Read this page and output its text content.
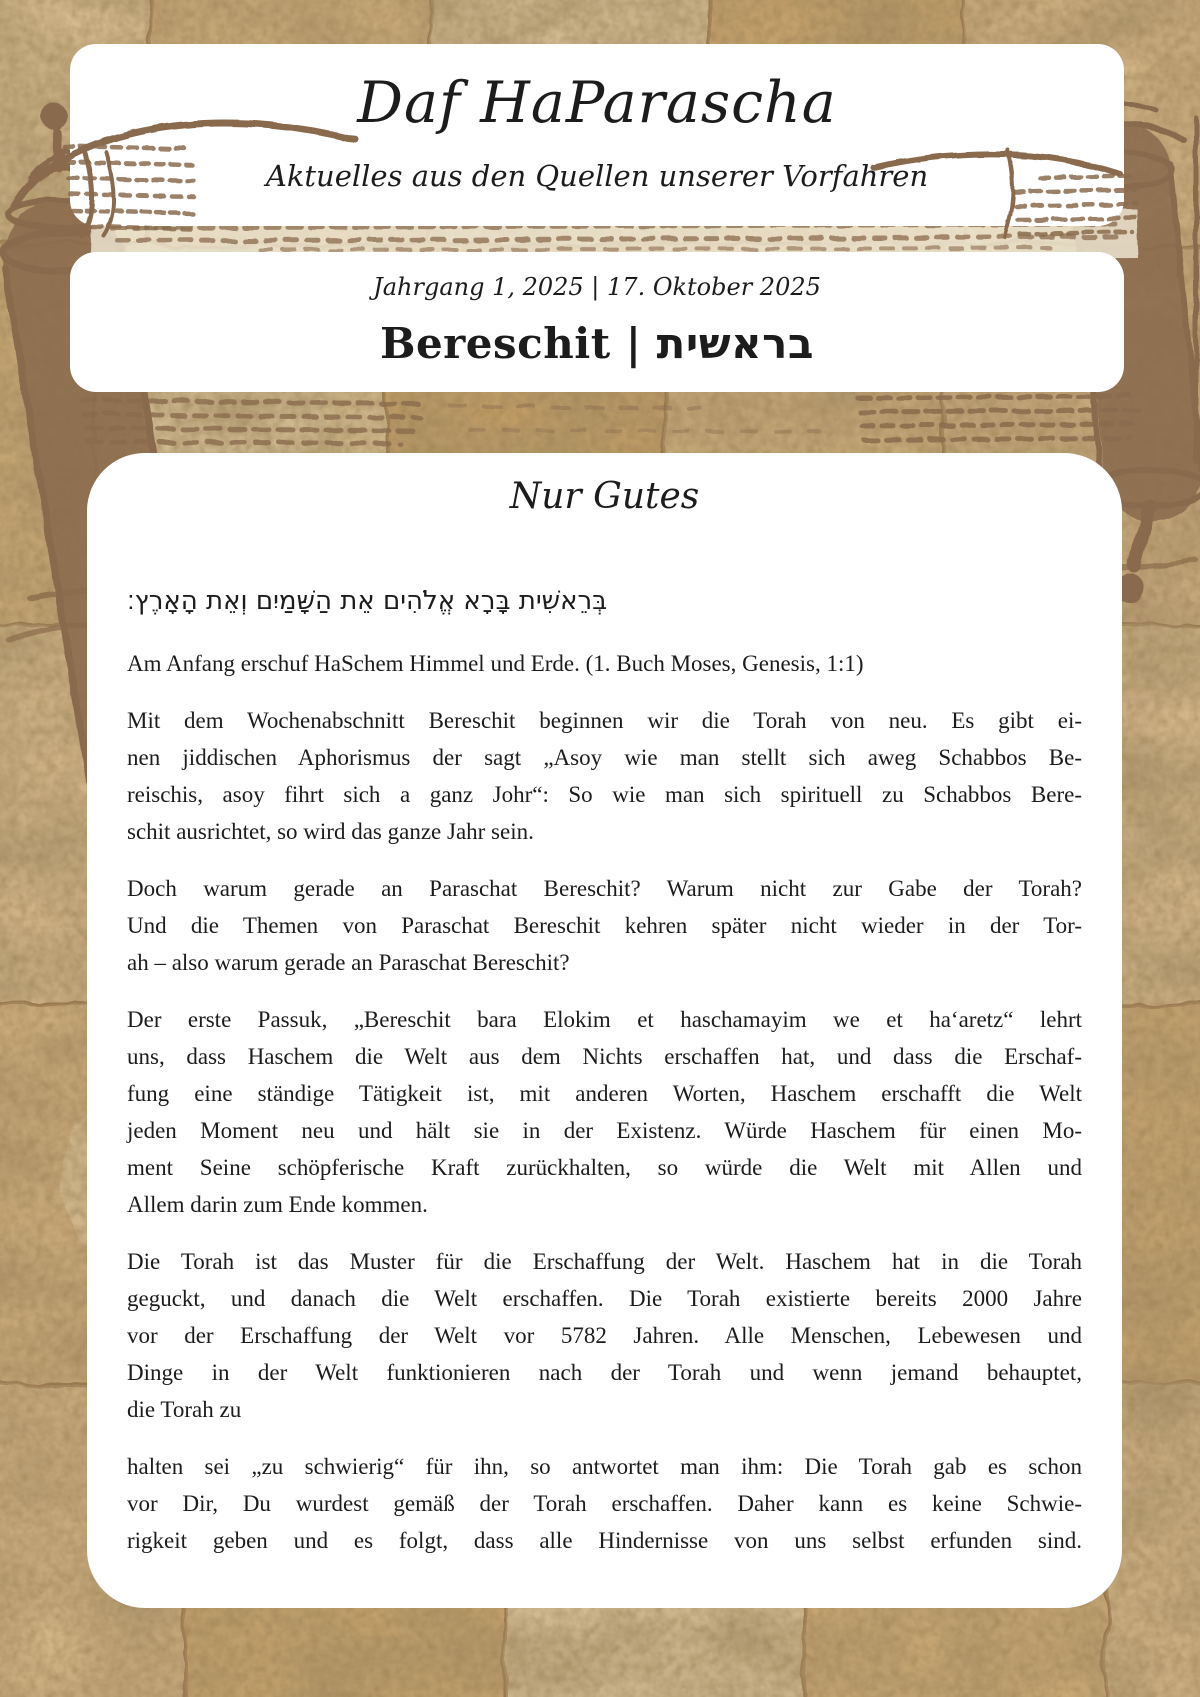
Daf HaParascha
Aktuelles aus den Quellen unserer Vorfahren
Jahrgang 1, 2025 | 17. Oktober 2025
Bereschit | בראשית
Nur Gutes
בְּרֵאשִׁית בָּרָא אֱלֹהִים אֵת הַשָּׁמַיִם וְאֵת הָאָרֶץ׃
Am Anfang erschuf HaSchem Himmel und Erde. (1. Buch Moses, Genesis, 1:1)
Mit dem Wochenabschnitt Bereschit beginnen wir die Torah von neu. Es gibt ei-
nen jiddischen Aphorismus der sagt „Asoy wie man stellt sich aweg Schabbos Be-
reischis, asoy fihrt sich a ganz Johr“: So wie man sich spirituell zu Schabbos Bere-
schit ausrichtet, so wird das ganze Jahr sein.
Doch warum gerade an Paraschat Bereschit? Warum nicht zur Gabe der Torah?
Und die Themen von Paraschat Bereschit kehren später nicht wieder in der Tor-
ah – also warum gerade an Paraschat Bereschit?
Der erste Passuk, „Bereschit bara Elokim et haschamayim we et ha‘aretz“ lehrt
uns, dass Haschem die Welt aus dem Nichts erschaffen hat, und dass die Erschaf-
fung eine ständige Tätigkeit ist, mit anderen Worten, Haschem erschafft die Welt
jeden Moment neu und hält sie in der Existenz. Würde Haschem für einen Mo-
ment Seine schöpferische Kraft zurückhalten, so würde die Welt mit Allen und
Allem darin zum Ende kommen.
Die Torah ist das Muster für die Erschaffung der Welt. Haschem hat in die Torah
geguckt, und danach die Welt erschaffen. Die Torah existierte bereits 2000 Jahre
vor der Erschaffung der Welt vor 5782 Jahren. Alle Menschen, Lebewesen und
Dinge in der Welt funktionieren nach der Torah und wenn jemand behauptet,
die Torah zu
halten sei „zu schwierig“ für ihn, so antwortet man ihm: Die Torah gab es schon
vor Dir, Du wurdest gemäß der Torah erschaffen. Daher kann es keine Schwie-
rigkeit geben und es folgt, dass alle Hindernisse von uns selbst erfunden sind.
